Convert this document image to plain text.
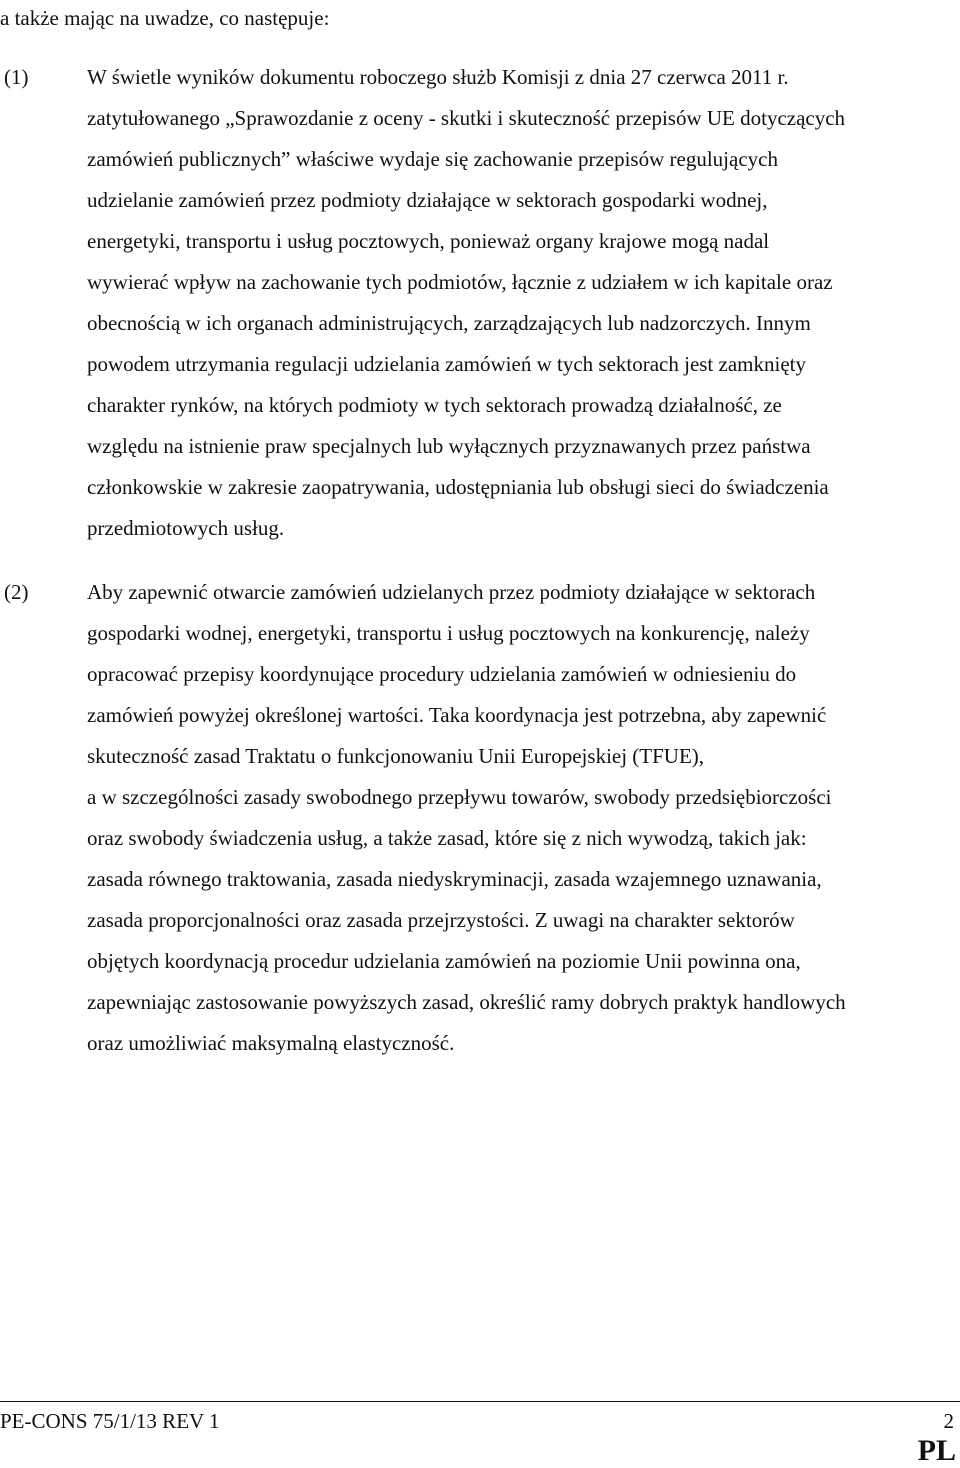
a także mając na uwadze, co następuje:
(1)	W świetle wyników dokumentu roboczego służb Komisji z dnia 27 czerwca 2011 r.
zatytułowanego „Sprawozdanie z oceny - skutki i skuteczność przepisów UE dotyczących
zamówień publicznych” właściwe wydaje się zachowanie przepisów regulujących
udzielanie zamówień przez podmioty działające w sektorach gospodarki wodnej,
energetyki, transportu i usług pocztowych, ponieważ organy krajowe mogą nadal
wywierać wpływ na zachowanie tych podmiotów, łącznie z udziałem w ich kapitale oraz
obecnością w ich organach administrujących, zarządzających lub nadzorczych. Innym
powodem utrzymania regulacji udzielania zamówień w tych sektorach jest zamknięty
charakter rynków, na których podmioty w tych sektorach prowadzą działalność, ze
względu na istnienie praw specjalnych lub wyłącznych przyznawanych przez państwa
członkowskie w zakresie zaopatrywania, udostępniania lub obsługi sieci do świadczenia
przedmiotowych usług.
(2)	Aby zapewnić otwarcie zamówień udzielanych przez podmioty działające w sektorach
gospodarki wodnej, energetyki, transportu i usług pocztowych na konkurencję, należy
opracować przepisy koordynujące procedury udzielania zamówień w odniesieniu do
zamówień powyżej określonej wartości. Taka koordynacja jest potrzebna, aby zapewnić
skuteczność zasad Traktatu o funkcjonowaniu Unii Europejskiej (TFUE),
a w szczególności zasady swobodnego przepływu towarów, swobody przedsiębiorczości
oraz swobody świadczenia usług, a także zasad, które się z nich wywodzą, takich jak:
zasada równego traktowania, zasada niedyskryminacji, zasada wzajemnego uznawania,
zasada proporcjonalności oraz zasada przejrzystości. Z uwagi na charakter sektorów
objętych koordynacją procedur udzielania zamówień na poziomie Unii powinna ona,
zapewniając zastosowanie powyższych zasad, określić ramy dobrych praktyk handlowych
oraz umożliwiać maksymalną elastyczność.
PE-CONS 75/1/13 REV 1	2
PL
